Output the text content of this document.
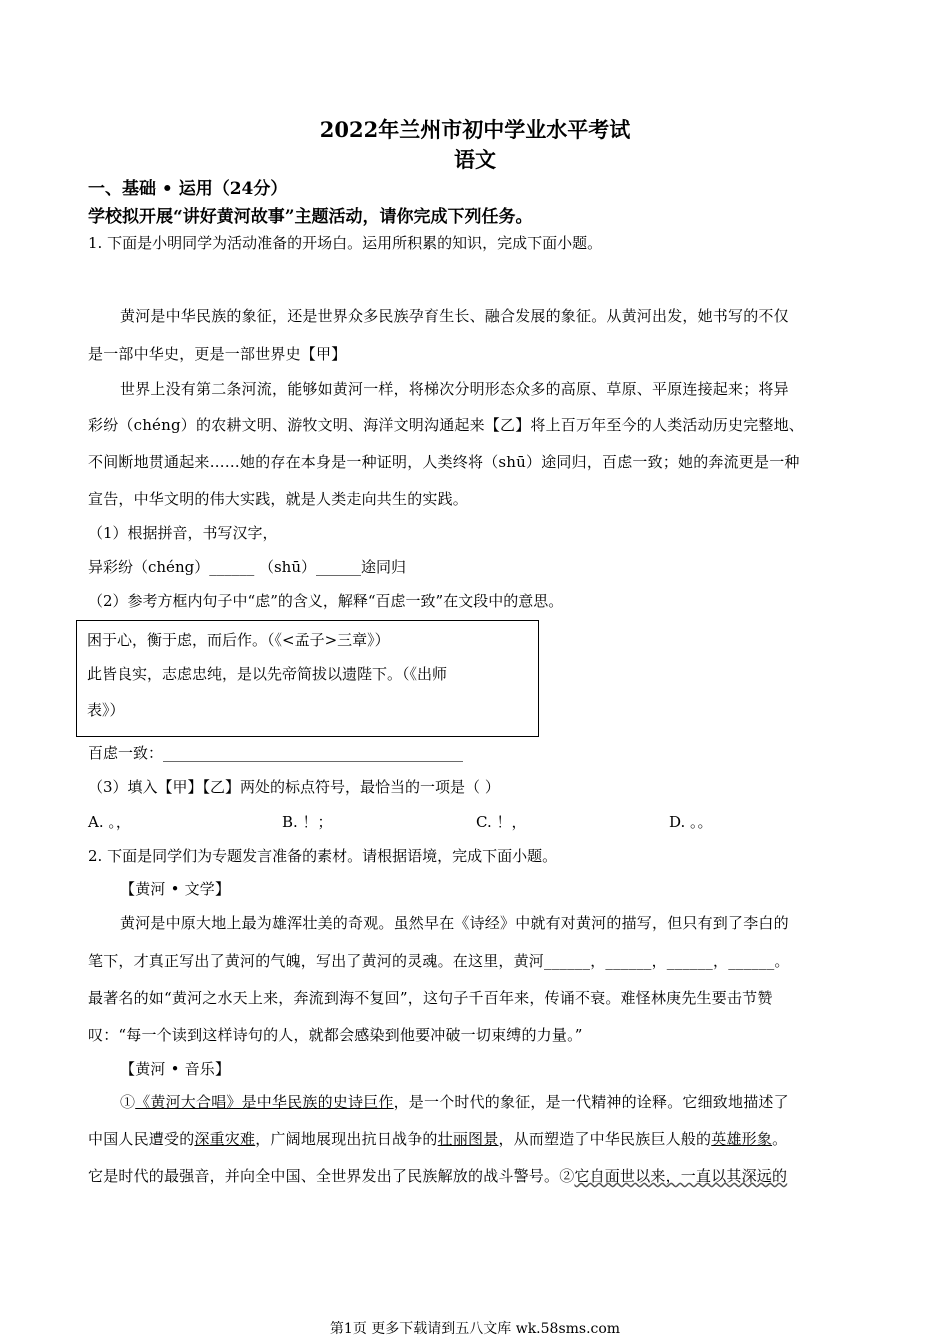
2022年兰州市初中学业水平考试
语文
一、基础 • 运用（24分）
学校拟开展“讲好黄河故事”主题活动，请你完成下列任务。
1. 下面是小明同学为活动准备的开场白。运用所积累的知识，完成下面小题。
黄河是中华民族的象征，还是世界众多民族孕育生长、融合发展的象征。从黄河出发，她书写的不仅
是一部中华史，更是一部世界史【甲】
世界上没有第二条河流，能够如黄河一样，将梯次分明形态众多的高原、草原、平原连接起来；将异
彩纷（chéng）的农耕文明、游牧文明、海洋文明沟通起来【乙】将上百万年至今的人类活动历史完整地、
不间断地贯通起来……她的存在本身是一种证明，人类终将（shū）途同归，百虑一致；她的奔流更是一种
宣告，中华文明的伟大实践，就是人类走向共生的实践。
（1）根据拼音，书写汉字，
异彩纷（chéng）______ （shū）______途同归
（2）参考方框内句子中“虑”的含义，解释“百虑一致”在文段中的意思。
困于心，衡于虑，而后作。（《<孟子>三章》）
此皆良实，志虑忠纯，是以先帝简拔以遗陛下。（《出师
表》）
百虑一致：________________________________________
（3）填入【甲】【乙】两处的标点符号，最恰当的一项是（ ）
A. 。，	B. ！；	C. ！，	D. 。。
2. 下面是同学们为专题发言准备的素材。请根据语境，完成下面小题。
【黄河 • 文学】
黄河是中原大地上最为雄浑壮美的奇观。虽然早在《诗经》中就有对黄河的描写，但只有到了李白的
笔下，才真正写出了黄河的气魄，写出了黄河的灵魂。在这里，黄河______，______，______，______。
最著名的如“黄河之水天上来，奔流到海不复回”，这句子千百年来，传诵不衰。难怪林庚先生要击节赞
叹：“每一个读到这样诗句的人，就都会感染到他要冲破一切束缚的力量。”
【黄河 • 音乐】
①《黄河大合唱》是中华民族的史诗巨作，是一个时代的象征，是一代精神的诠释。它细致地描述了
中国人民遭受的深重灾难，广阔地展现出抗日战争的壮丽图景，从而塑造了中华民族巨人般的英雄形象。
它是时代的最强音，并向全中国、全世界发出了民族解放的战斗警号。②它自面世以来，一直以其深远的
第1页 更多下载请到五八文库 wk.58sms.com
